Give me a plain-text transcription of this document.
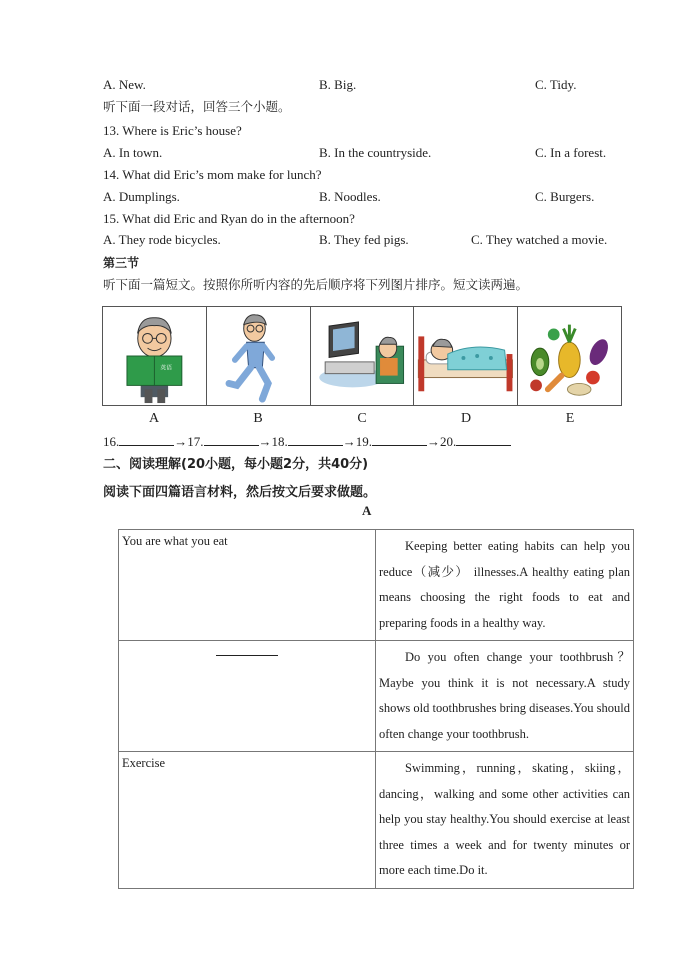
A. New.	B. Big.	C. Tidy.
听下面一段对话，回答三个小题。
13. Where is Eric’s house?
A. In town.	B. In the countryside.	C. In a forest.
14. What did Eric’s mom make for lunch?
A. Dumplings.	B. Noodles.	C. Burgers.
15. What did Eric and Ryan do in the afternoon?
A. They rode bicycles.	B. They fed pigs.	C. They watched a movie.
第三节
听下面一篇短文。按照你所听内容的先后顺序将下列图片排序。短文读两遍。
英语
A	B	C	D	E
16.	→17.	→18.	→19.	→20.
二、阅读理解(20小题，每小题2分，共40分)
阅读下面四篇语言材料，然后按文后要求做题。
A
You are what you eat	Keeping better eating habits can help you reduce（减少） illnesses.A healthy eating plan means choosing the right foods to eat and preparing foods in a healthy way.

	Do you often change your toothbrush？Maybe you think it is not necessary.A study shows old toothbrushes bring diseases.You should often change your toothbrush.
Exercise	Swimming，running，skating，skiing，dancing，walking and some other activities can help you stay healthy.You should exercise at least three times a week and for twenty minutes or more each time.Do it.
